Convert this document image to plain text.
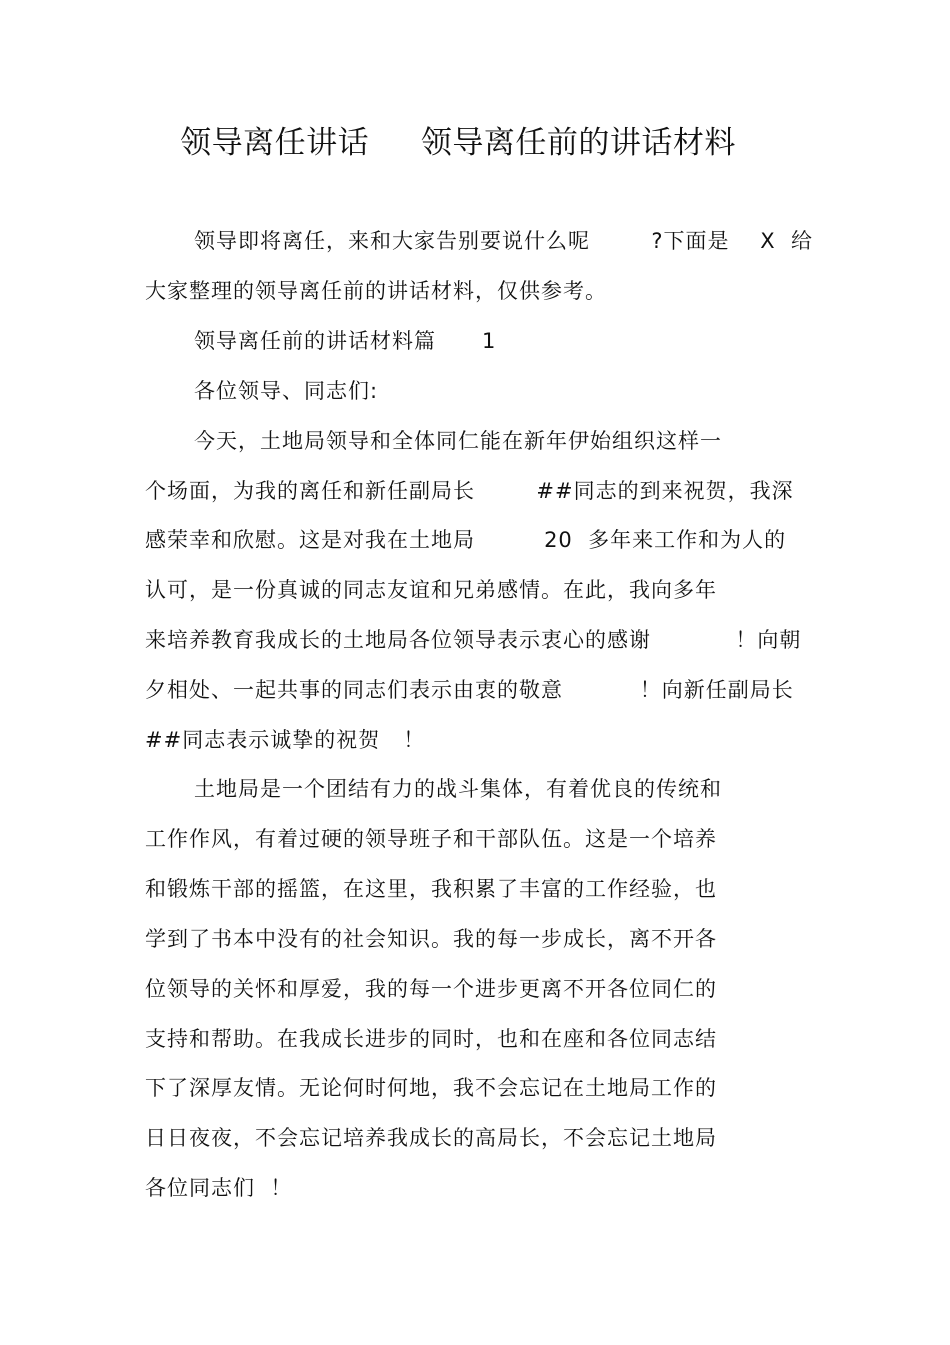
领导离任讲话     领导离任前的讲话材料
领导即将离任，来和大家告别要说什么呢        ?下面是    X  给
大家整理的领导离任前的讲话材料，仅供参考。
领导离任前的讲话材料篇      1
各位领导、同志们:
今天，土地局领导和全体同仁能在新年伊始组织这样一
个场面，为我的离任和新任副局长        ##同志的到来祝贺，我深
感荣幸和欣慰。这是对我在土地局         20  多年来工作和为人的
认可，是一份真诚的同志友谊和兄弟感情。在此，我向多年
来培养教育我成长的土地局各位领导表示衷心的感谢           ！向朝
夕相处、一起共事的同志们表示由衷的敬意          ！向新任副局长
##同志表示诚挚的祝贺   ！
土地局是一个团结有力的战斗集体，有着优良的传统和
工作作风，有着过硬的领导班子和干部队伍。这是一个培养
和锻炼干部的摇篮，在这里，我积累了丰富的工作经验，也
学到了书本中没有的社会知识。我的每一步成长，离不开各
位领导的关怀和厚爱，我的每一个进步更离不开各位同仁的
支持和帮助。在我成长进步的同时，也和在座和各位同志结
下了深厚友情。无论何时何地，我不会忘记在土地局工作的
日日夜夜，不会忘记培养我成长的高局长，不会忘记土地局
各位同志们  ！
